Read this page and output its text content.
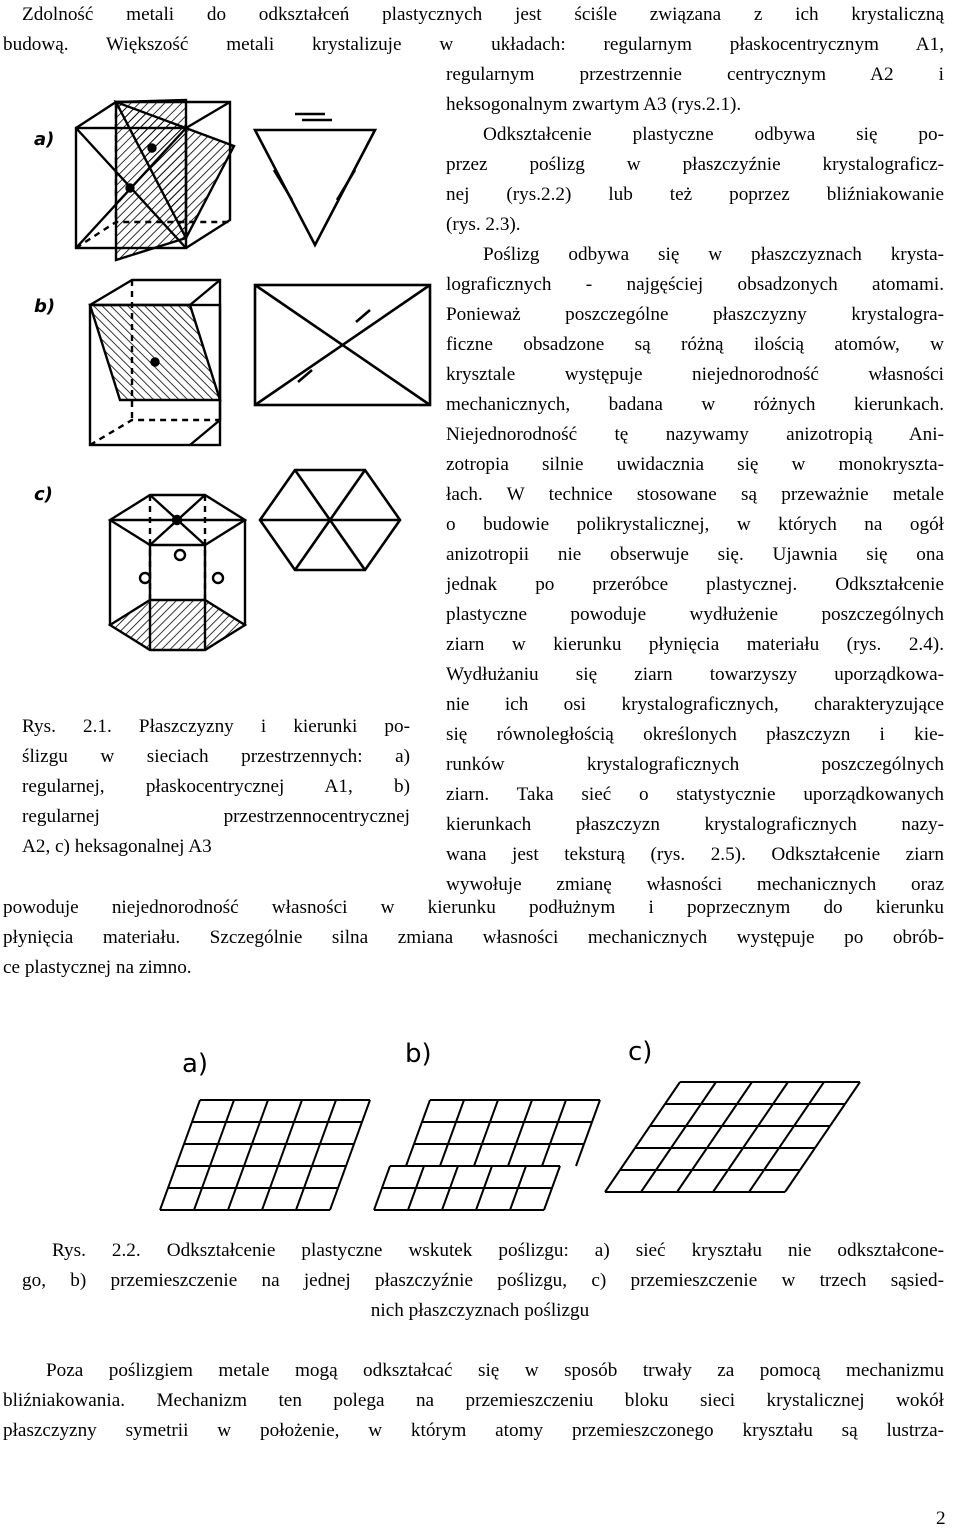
Zdolność metali do odkształceń plastycznych jest ściśle związana z ich krystaliczną

budową. Większość metali krystalizuje w układach: regularnym płaskocentrycznym A1,

regularnym przestrzennie centrycznym A2 i

heksogonalnym zwartym A3 (rys.2.1).

Odkształcenie plastyczne odbywa się po-

przez poślizg w płaszczyźnie krystalograficz-

nej (rys.2.2) lub też poprzez bliźniakowanie

(rys. 2.3).

Poślizg odbywa się w płaszczyznach krysta-

lograficznych - najgęściej obsadzonych atomami.

Ponieważ poszczególne płaszczyzny krystalogra-

ficzne obsadzone są różną ilością atomów, w

krysztale występuje niejednorodność własności

mechanicznych, badana w różnych kierunkach.

Niejednorodność tę nazywamy anizotropią Ani-

zotropia silnie uwidacznia się w monokryszta-

łach. W technice stosowane są przeważnie metale

o budowie polikrystalicznej, w których na ogół

anizotropii nie obserwuje się. Ujawnia się ona

jednak po przeróbce plastycznej. Odkształcenie

plastyczne powoduje wydłużenie poszczególnych

ziarn w kierunku płynięcia materiału (rys. 2.4).

Wydłużaniu się ziarn towarzyszy uporządkowa-

nie ich osi krystalograficznych, charakteryzujące

się równoległością określonych płaszczyzn i kie-

runków krystalograficznych poszczególnych

ziarn. Taka sieć o statystycznie uporządkowanych

kierunkach płaszczyzn krystalograficznych nazy-

wana jest teksturą (rys. 2.5). Odkształcenie ziarn

wywołuje zmianę własności mechanicznych oraz

Rys. 2.1. Płaszczyzny i kierunki po-

ślizgu w sieciach przestrzennych: a)

regularnej, płaskocentrycznej A1, b)

regularnej przestrzennocentrycznej

A2, c) heksagonalnej A3

a)
b)
c)

powoduje niejednorodność własności w kierunku podłużnym i poprzecznym do kierunku

płynięcia materiału. Szczególnie silna zmiana własności mechanicznych występuje po obrób-

ce plastycznej na zimno.

a)	b)	c)

Rys. 2.2. Odkształcenie plastyczne wskutek poślizgu: a) sieć kryształu nie odkształcone-

go, b) przemieszczenie na jednej płaszczyźnie poślizgu, c) przemieszczenie w trzech sąsied-

nich płaszczyznach poślizgu

Poza poślizgiem metale mogą odkształcać się w sposób trwały za pomocą mechanizmu

bliźniakowania. Mechanizm ten polega na przemieszczeniu bloku sieci krystalicznej wokół

płaszczyzny symetrii w położenie, w którym atomy przemieszczonego kryształu są lustrza-

2
